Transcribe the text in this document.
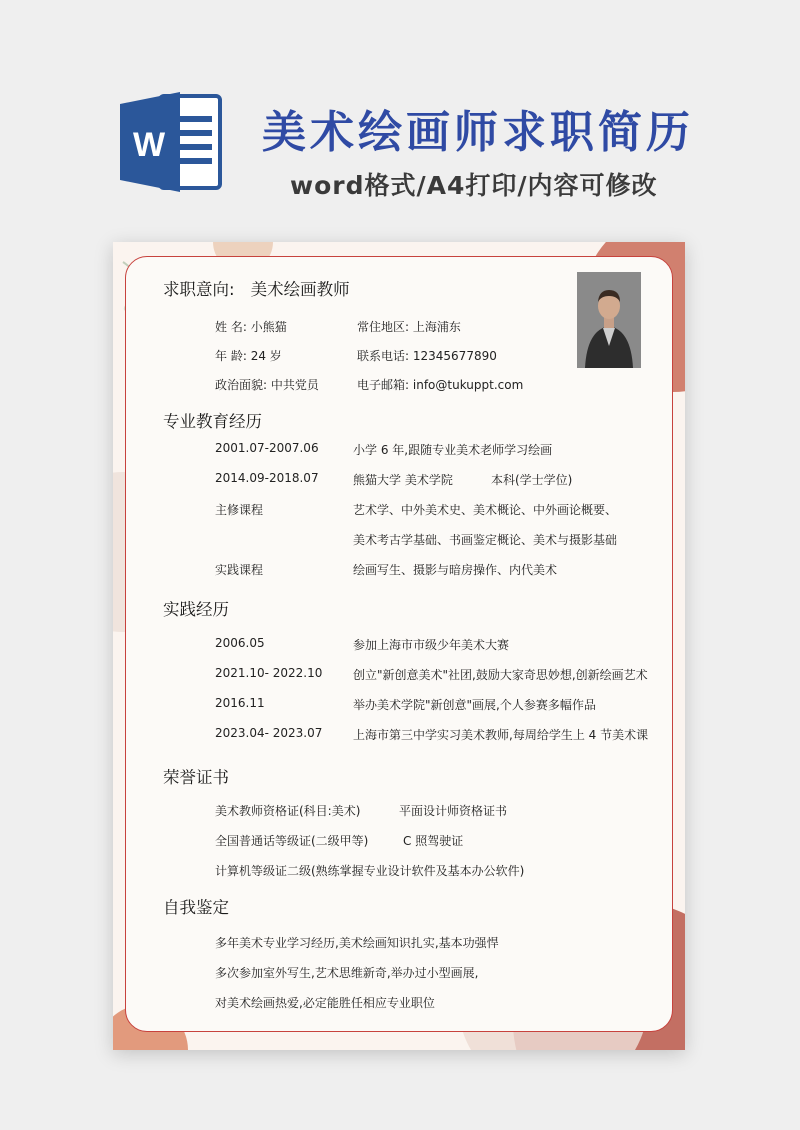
W 美术绘画师求职简历
word格式/A4打印/内容可修改
求职意向: 美术绘画教师
姓 名: 小熊猫	常住地区: 上海浦东
年 龄: 24 岁	联系电话: 12345677890
政治面貌: 中共党员	电子邮箱: info@tukuppt.com
专业教育经历
2001.07-2007.06	小学 6 年,跟随专业美术老师学习绘画
2014.09-2018.07	熊猫大学 美术学院	本科(学士学位)
主修课程	艺术学、中外美术史、美术概论、中外画论概要、
美术考古学基础、书画鉴定概论、美术与摄影基础
实践课程	绘画写生、摄影与暗房操作、内代美术
实践经历
2006.05	参加上海市市级少年美术大赛
2021.10- 2022.10	创立"新创意美术"社团,鼓励大家奇思妙想,创新绘画艺术
2016.11	举办美术学院"新创意"画展,个人参赛多幅作品
2023.04- 2023.07	上海市第三中学实习美术教师,每周给学生上 4 节美术课
荣誉证书
美术教师资格证(科目:美术)	平面设计师资格证书
全国普通话等级证(二级甲等)	C 照驾驶证
计算机等级证二级(熟练掌握专业设计软件及基本办公软件)
自我鉴定
多年美术专业学习经历,美术绘画知识扎实,基本功强悍
多次参加室外写生,艺术思维新奇,举办过小型画展,
对美术绘画热爱,必定能胜任相应专业职位
